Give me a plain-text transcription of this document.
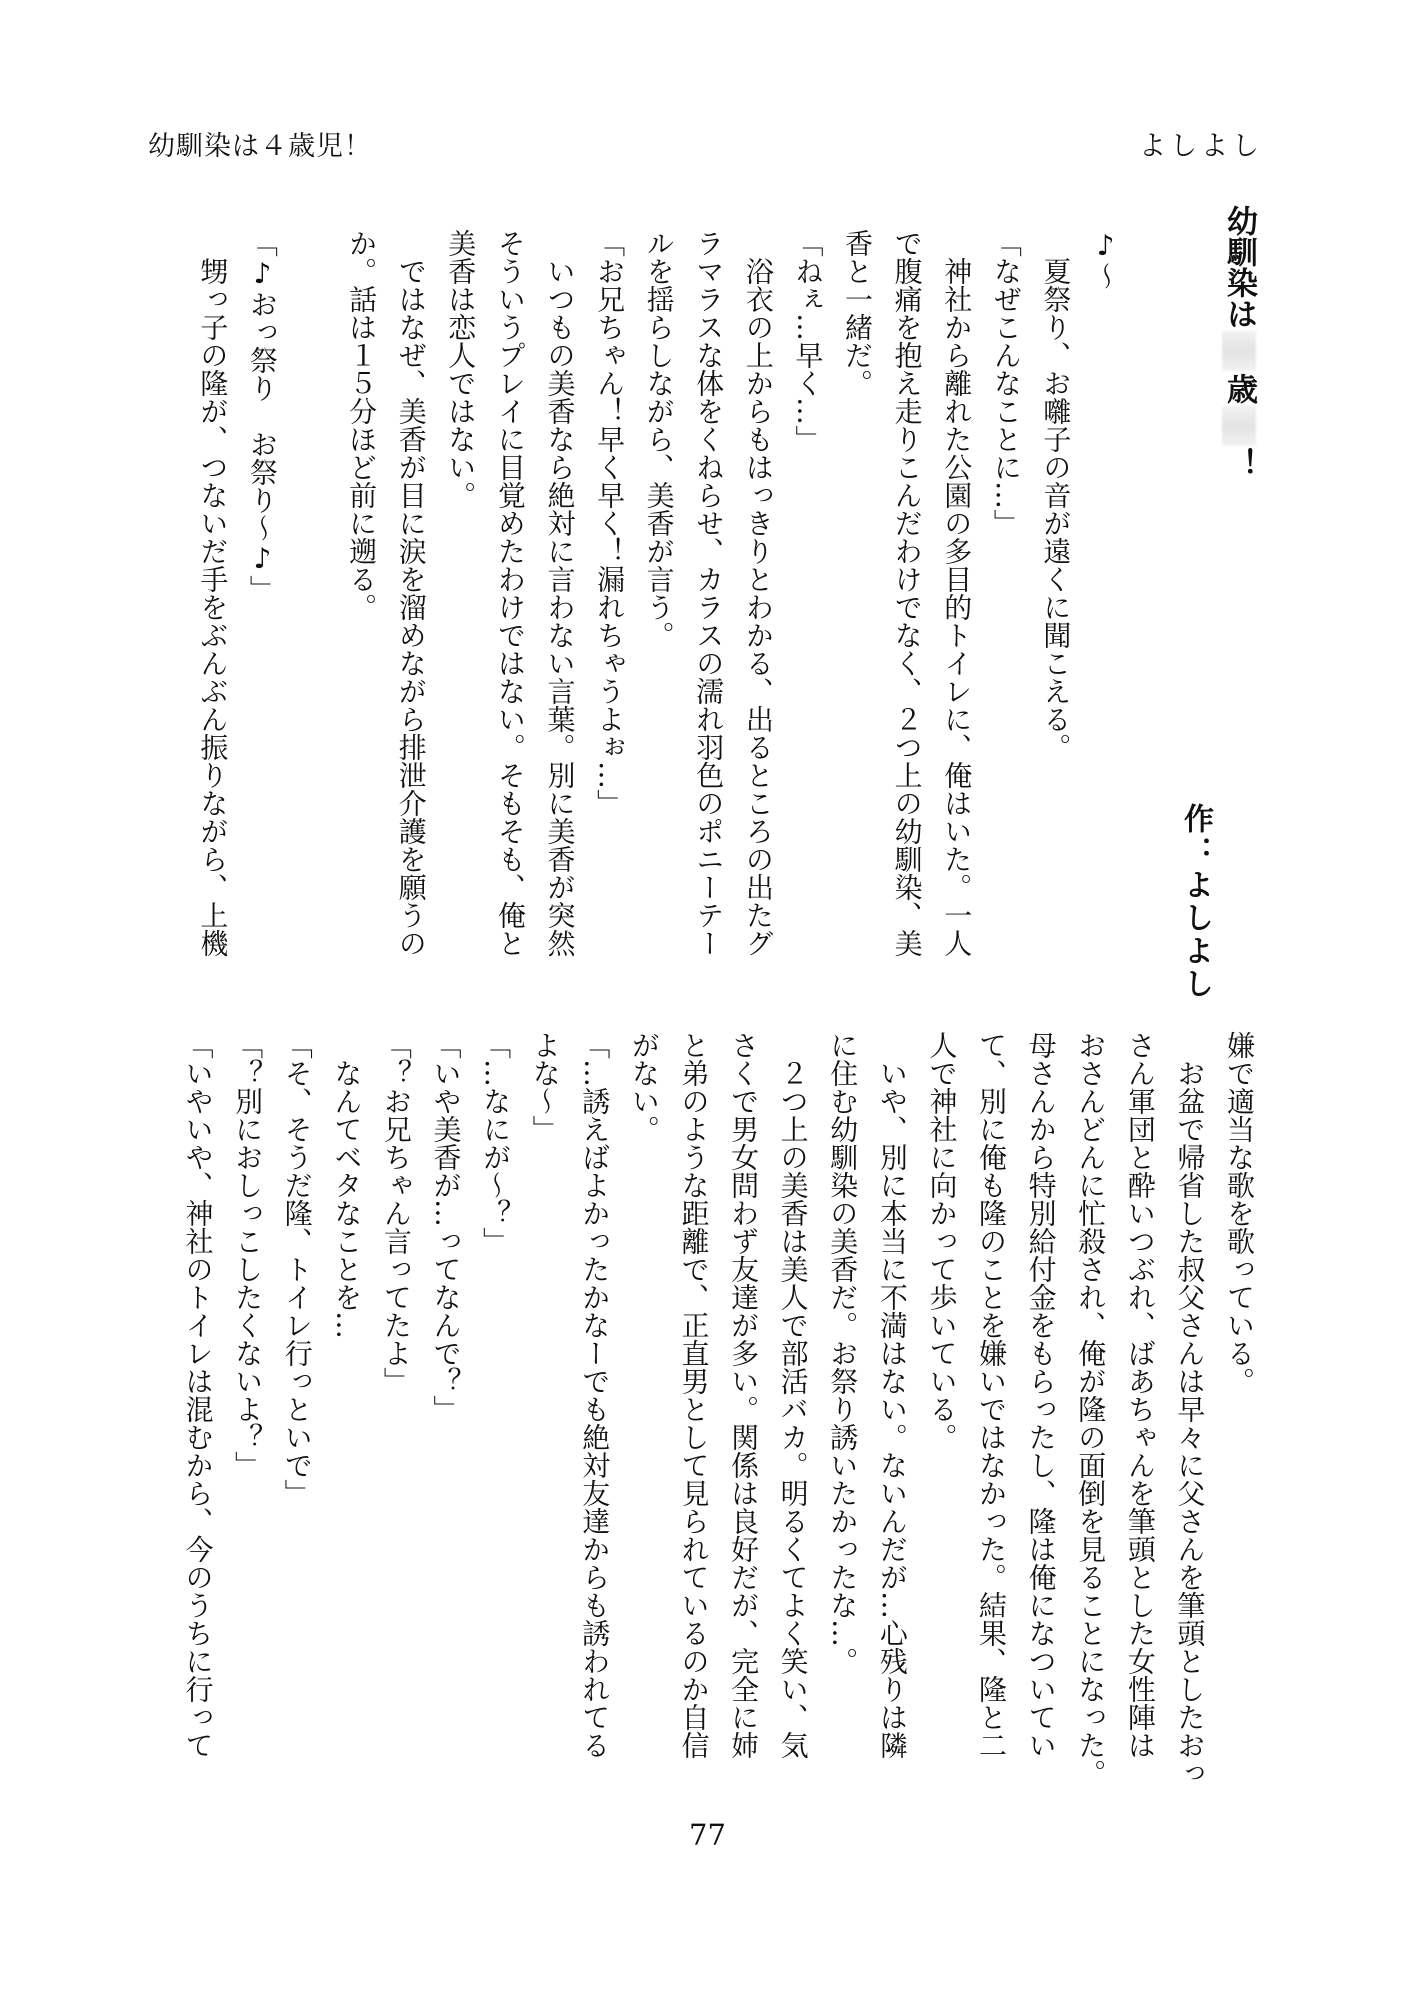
幼馴染は４歳児！	よしよし
幼馴染は歳！
作：よしよし

♪～

　夏祭り、お囃子の音が遠くに聞こえる。

「なぜこんなことに…」

　神社から離れた公園の多目的トイレに、俺はいた。一人

で腹痛を抱え走りこんだわけでなく、２つ上の幼馴染、美

香と一緒だ。

「ねぇ…早く…」

　浴衣の上からもはっきりとわかる、出るところの出たグ

ラマラスな体をくねらせ、カラスの濡れ羽色のポニーテー

ルを揺らしながら、美香が言う。

「お兄ちゃん！早く早く！漏れちゃうよぉ…」

　いつもの美香なら絶対に言わない言葉。別に美香が突然

そういうプレイに目覚めたわけではない。そもそも、俺と

美香は恋人ではない。

　ではなぜ、美香が目に涙を溜めながら排泄介護を願うの

か。話は１５分ほど前に遡る。

「♪おっ祭り　お祭り～♪」

　甥っ子の隆が、つないだ手をぶんぶん振りながら、上機

嫌で適当な歌を歌っている。

　お盆で帰省した叔父さんは早々に父さんを筆頭としたおっ

さん軍団と酔いつぶれ、ばあちゃんを筆頭とした女性陣は

おさんどんに忙殺され、俺が隆の面倒を見ることになった。

母さんから特別給付金をもらったし、隆は俺になついてい

て、別に俺も隆のことを嫌いではなかった。結果、隆と二

人で神社に向かって歩いている。

　いや、別に本当に不満はない。ないんだが…心残りは隣

に住む幼馴染の美香だ。お祭り誘いたかったな…。

　２つ上の美香は美人で部活バカ。明るくてよく笑い、気

さくで男女問わず友達が多い。関係は良好だが、完全に姉

と弟のような距離で、正直男として見られているのか自信

がない。

「…誘えばよかったかなーでも絶対友達からも誘われてる

よな～」

「…なにが～？」

「いや美香が…ってなんで？」

「？お兄ちゃん言ってたよ」

　なんてベタなことを…

「そ、そうだ隆、トイレ行っといで」

「？別におしっこしたくないよ？」

「いやいや、神社のトイレは混むから、今のうちに行って

77
